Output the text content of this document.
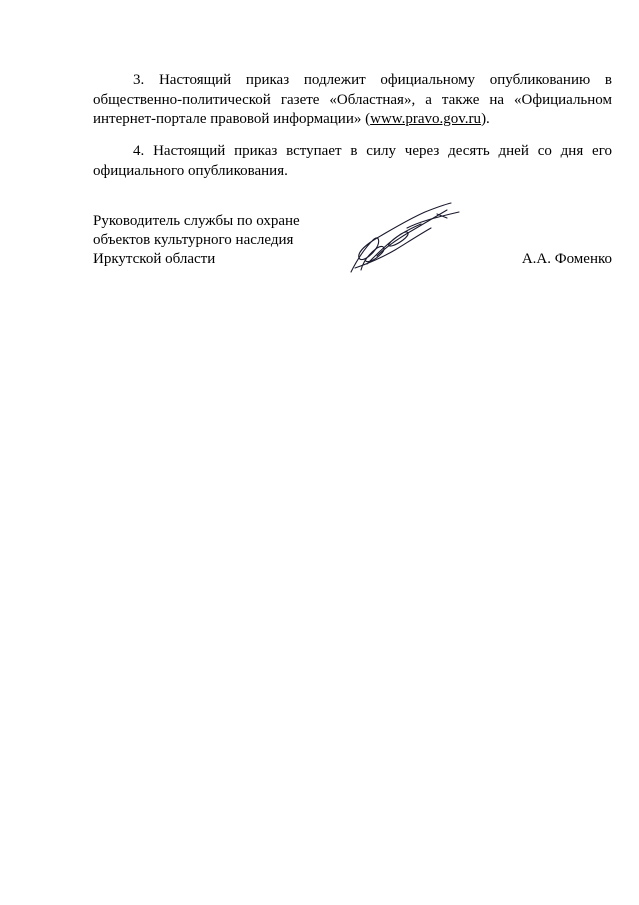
3. Настоящий приказ подлежит официальному опубликованию в общественно-политической газете «Областная», а также на «Официальном интернет-портале правовой информации» (www.pravo.gov.ru).

4. Настоящий приказ вступает в силу через десять дней со дня его официального опубликования.

Руководитель службы по охране
объектов культурного наследия
Иркутской области	А.А. Фоменко
